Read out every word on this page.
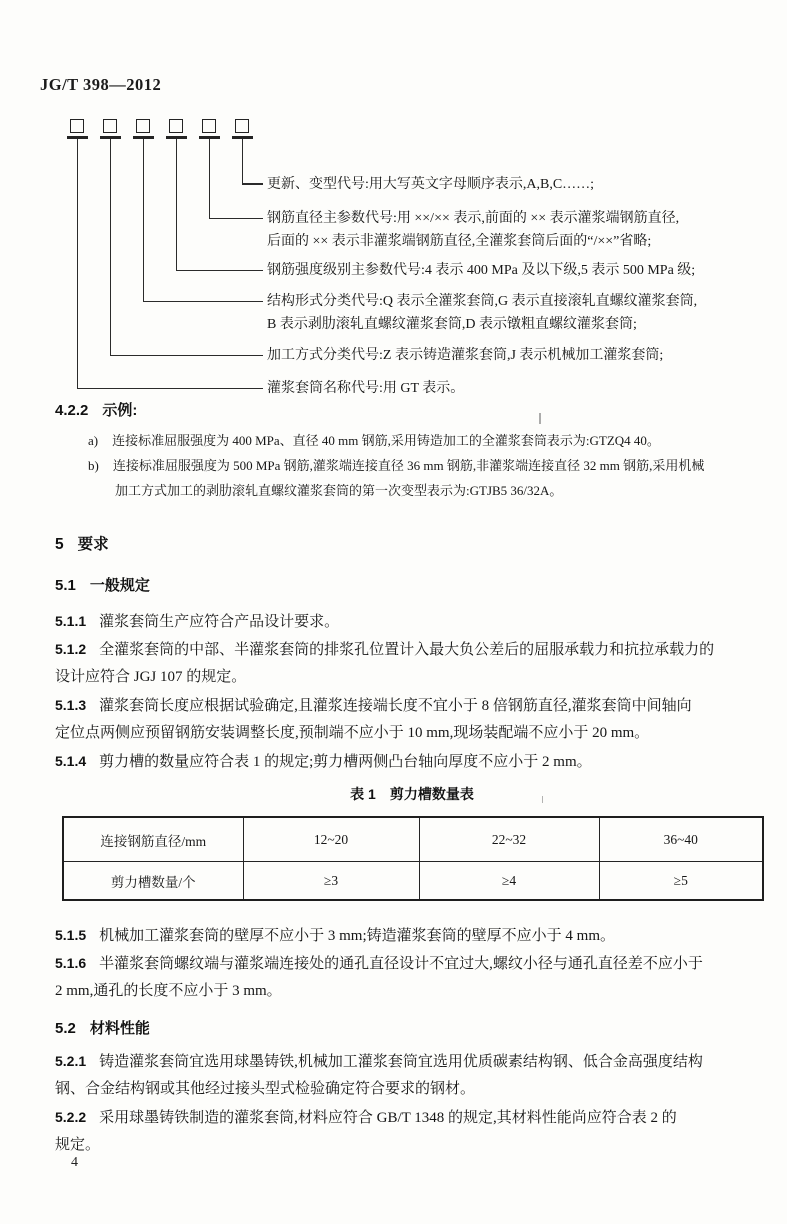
JG/T 398—2012
更新、变型代号:用大写英文字母顺序表示,A,B,C……;
钢筋直径主参数代号:用 ××/×× 表示,前面的 ×× 表示灌浆端钢筋直径,
后面的 ×× 表示非灌浆端钢筋直径,全灌浆套筒后面的“/××”省略;
钢筋强度级别主参数代号:4 表示 400 MPa 及以下级,5 表示 500 MPa 级;
结构形式分类代号:Q 表示全灌浆套筒,G 表示直接滚轧直螺纹灌浆套筒,
B 表示剥肋滚轧直螺纹灌浆套筒,D 表示镦粗直螺纹灌浆套筒;
加工方式分类代号:Z 表示铸造灌浆套筒,J 表示机械加工灌浆套筒;
灌浆套筒名称代号:用 GT 表示。
4.2.2 示例:
a) 连接标准屈服强度为 400 MPa、直径 40 mm 钢筋,采用铸造加工的全灌浆套筒表示为:GTZQ4 40。
b) 连接标准屈服强度为 500 MPa 钢筋,灌浆端连接直径 36 mm 钢筋,非灌浆端连接直径 32 mm 钢筋,采用机械
加工方式加工的剥肋滚轧直螺纹灌浆套筒的第一次变型表示为:GTJB5 36/32A。
5 要求
5.1 一般规定
5.1.1 灌浆套筒生产应符合产品设计要求。
5.1.2 全灌浆套筒的中部、半灌浆套筒的排浆孔位置计入最大负公差后的屈服承载力和抗拉承载力的
设计应符合 JGJ 107 的规定。
5.1.3 灌浆套筒长度应根据试验确定,且灌浆连接端长度不宜小于 8 倍钢筋直径,灌浆套筒中间轴向
定位点两侧应预留钢筋安装调整长度,预制端不应小于 10 mm,现场装配端不应小于 20 mm。
5.1.4 剪力槽的数量应符合表 1 的规定;剪力槽两侧凸台轴向厚度不应小于 2 mm。
表 1　剪力槽数量表
连接钢筋直径/mm	12~20	22~32	36~40
剪力槽数量/个	≥3	≥4	≥5
5.1.5 机械加工灌浆套筒的壁厚不应小于 3 mm;铸造灌浆套筒的壁厚不应小于 4 mm。
5.1.6 半灌浆套筒螺纹端与灌浆端连接处的通孔直径设计不宜过大,螺纹小径与通孔直径差不应小于
2 mm,通孔的长度不应小于 3 mm。
5.2 材料性能
5.2.1 铸造灌浆套筒宜选用球墨铸铁,机械加工灌浆套筒宜选用优质碳素结构钢、低合金高强度结构
钢、合金结构钢或其他经过接头型式检验确定符合要求的钢材。
5.2.2 采用球墨铸铁制造的灌浆套筒,材料应符合 GB/T 1348 的规定,其材料性能尚应符合表 2 的
规定。
4
